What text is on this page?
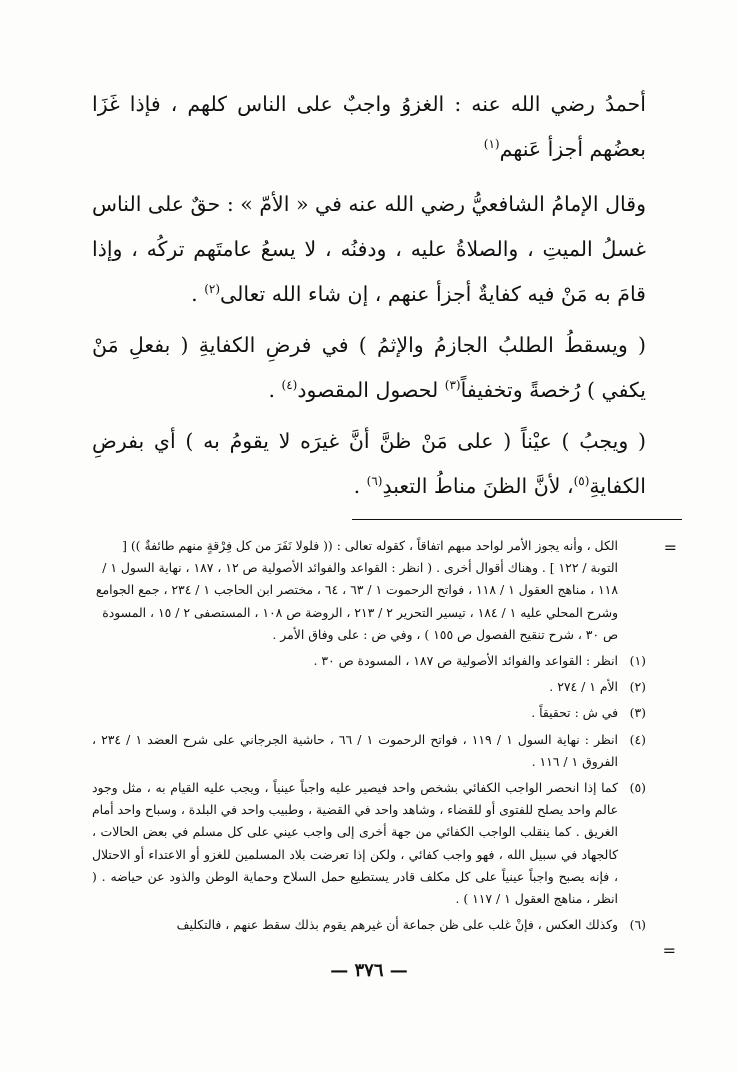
أحمدُ رضي الله عنه : الغزوُ واجبٌ على الناس كلهم ، فإذا غَزَا بعضُهم أجزأ عَنهم$^{(١)}$

وقال الإمامُ الشافعيُّ رضي الله عنه في « الأمّ » : حقٌ على الناس غسلُ الميتِ ، والصلاةُ عليه ، ودفنُه ، لا يسعُ عامتَهم تركُه ، وإذا قامَ به مَنْ فيه كفايةٌ أجزأ عنهم ، إن شاء الله تعالى$^{(٢)}$ .

( ويسقطُ الطلبُ الجازمُ والإثمُ ) في فرضِ الكفايةِ ( بفعلِ مَنْ يكفي ) رُخصةً وتخفيفاً$^{(٣)}$ لحصول المقصود$^{(٤)}$ .

( ويجبُ ) عيْناً ( على مَنْ ظنَّ أنَّ غيرَه لا يقومُ به ) أي بفرضِ الكفايةِ$^{(٥)}$، لأنَّ الظنَ مناطُ التعبدِ$^{(٦)}$ .

=
الكل ، وأنه يجوز الأمر لواحد مبهم اتفاقاً ، كقوله تعالى : (( فلولا نَفَرَ من كل فِرْقةٍ منهم طائفةٌ )) [ التوبة / ١٢٢ ] . وهناك أقوال أخرى . ( انظر : القواعد والفوائد الأصولية ص ١٢ ، ١٨٧ ، نهاية السول ١ / ١١٨ ، مناهج العقول ١ / ١١٨ ، فواتح الرحموت ١ / ٦٣ ، ٦٤ ، مختصر ابن الحاجب ١ / ٢٣٤ ، جمع الجوامع وشرح المحلي عليه ١ / ١٨٤ ، تيسير التحرير ٢ / ٢١٣ ، الروضة ص ١٠٨ ، المستصفى ٢ / ١٥ ، المسودة ص ٣٠ ، شرح تنقيح الفصول ص ١٥٥ ) ، وفي ض : على وفاق الأمر .
(١)
انظر : القواعد والفوائد الأصولية ص ١٨٧ ، المسودة ص ٣٠ .
(٢)
الأم ١ / ٢٧٤ .
(٣)
في ش : تحقيقاً .
(٤)
انظر : نهاية السول ١ / ١١٩ ، فواتح الرحموت ١ / ٦٦ ، حاشية الجرجاني على شرح العضد ١ / ٢٣٤ ، الفروق ١ / ١١٦ .
(٥)
كما إذا انحصر الواجب الكفائي بشخص واحد فيصير عليه واجباً عينياً ، ويجب عليه القيام به ، مثل وجود عالم واحد يصلح للفتوى أو للقضاء ، وشاهد واحد في القضية ، وطبيب واحد في البلدة ، وسباح واحد أمام الغريق . كما ينقلب الواجب الكفائي من جهة أخرى إلى واجب عيني على كل مسلم في بعض الحالات ، كالجهاد في سبيل الله ، فهو واجب كفائي ، ولكن إذا تعرضت بلاد المسلمين للغزو أو الاعتداء أو الاحتلال ، فإنه يصبح واجباً عينياً على كل مكلف قادر يستطيع حمل السلاح وحماية الوطن والذود عن حياضه . ( انظر ، مناهج العقول ١ / ١١٧ ) .
(٦)
وكذلك العكس ، فإنْ غلب على ظن جماعة أن غيرهم يقوم بذلك سقط عنهم ، فالتكليف
=
— ٣٧٦ —
